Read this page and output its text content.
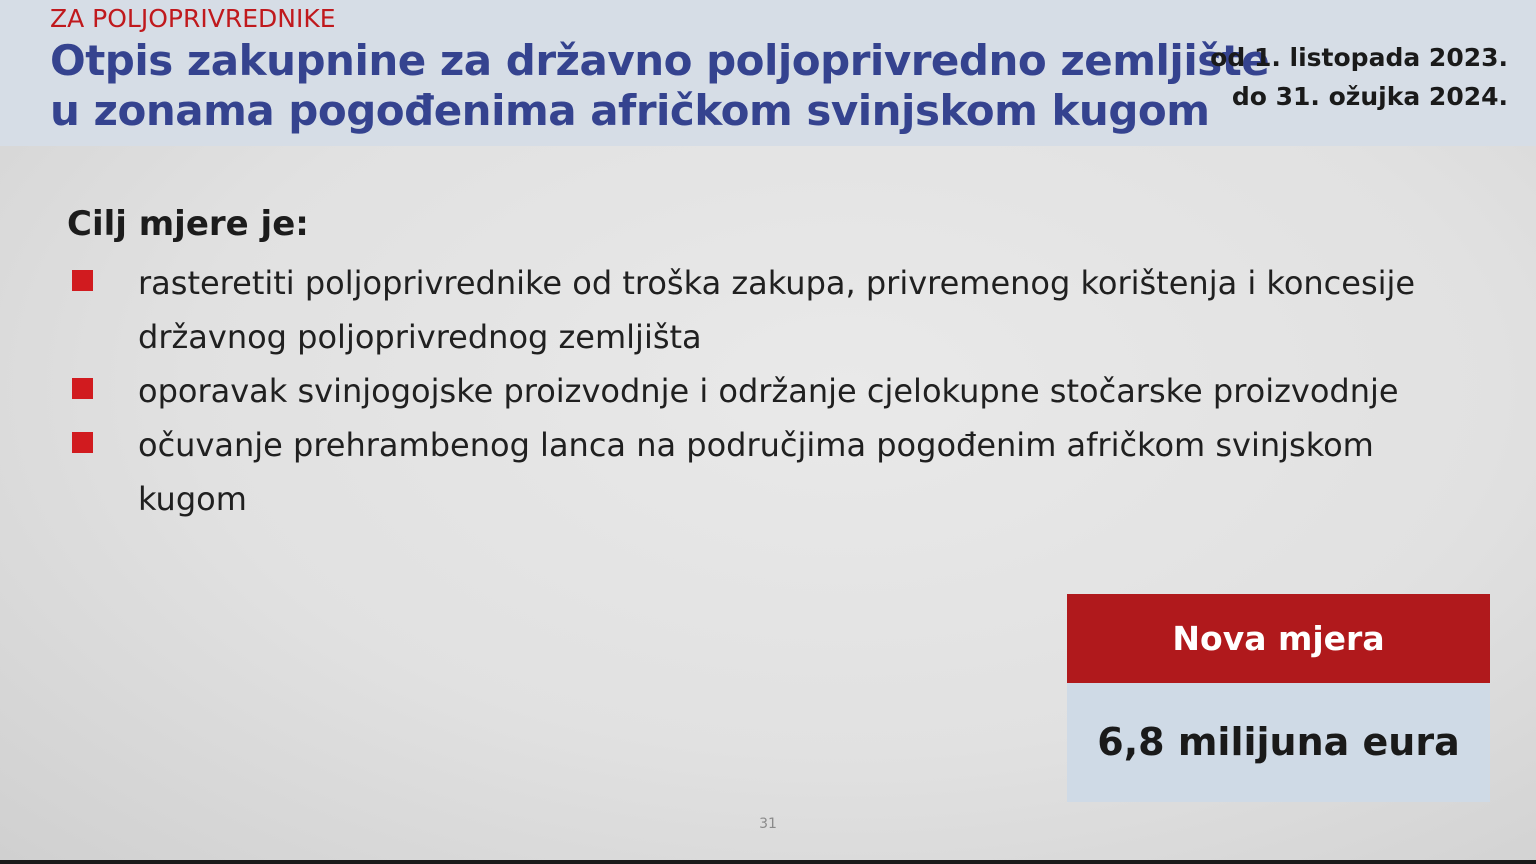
ZA POLJOPRIVREDNIKE
Otpis zakupnine za državno poljoprivredno zemljište
u zonama pogođenima afričkom svinjskom kugom
od 1. listopada 2023.
do 31. ožujka 2024.
Cilj mjere je:
rasteretiti poljoprivrednike od troška zakupa, privremenog korištenja i koncesije državnog poljoprivrednog zemljišta
oporavak svinjogojske proizvodnje i održanje cjelokupne stočarske proizvodnje
očuvanje prehrambenog lanca na područjima pogođenim afričkom svinjskom kugom
Nova mjera
6,8 milijuna eura
31
